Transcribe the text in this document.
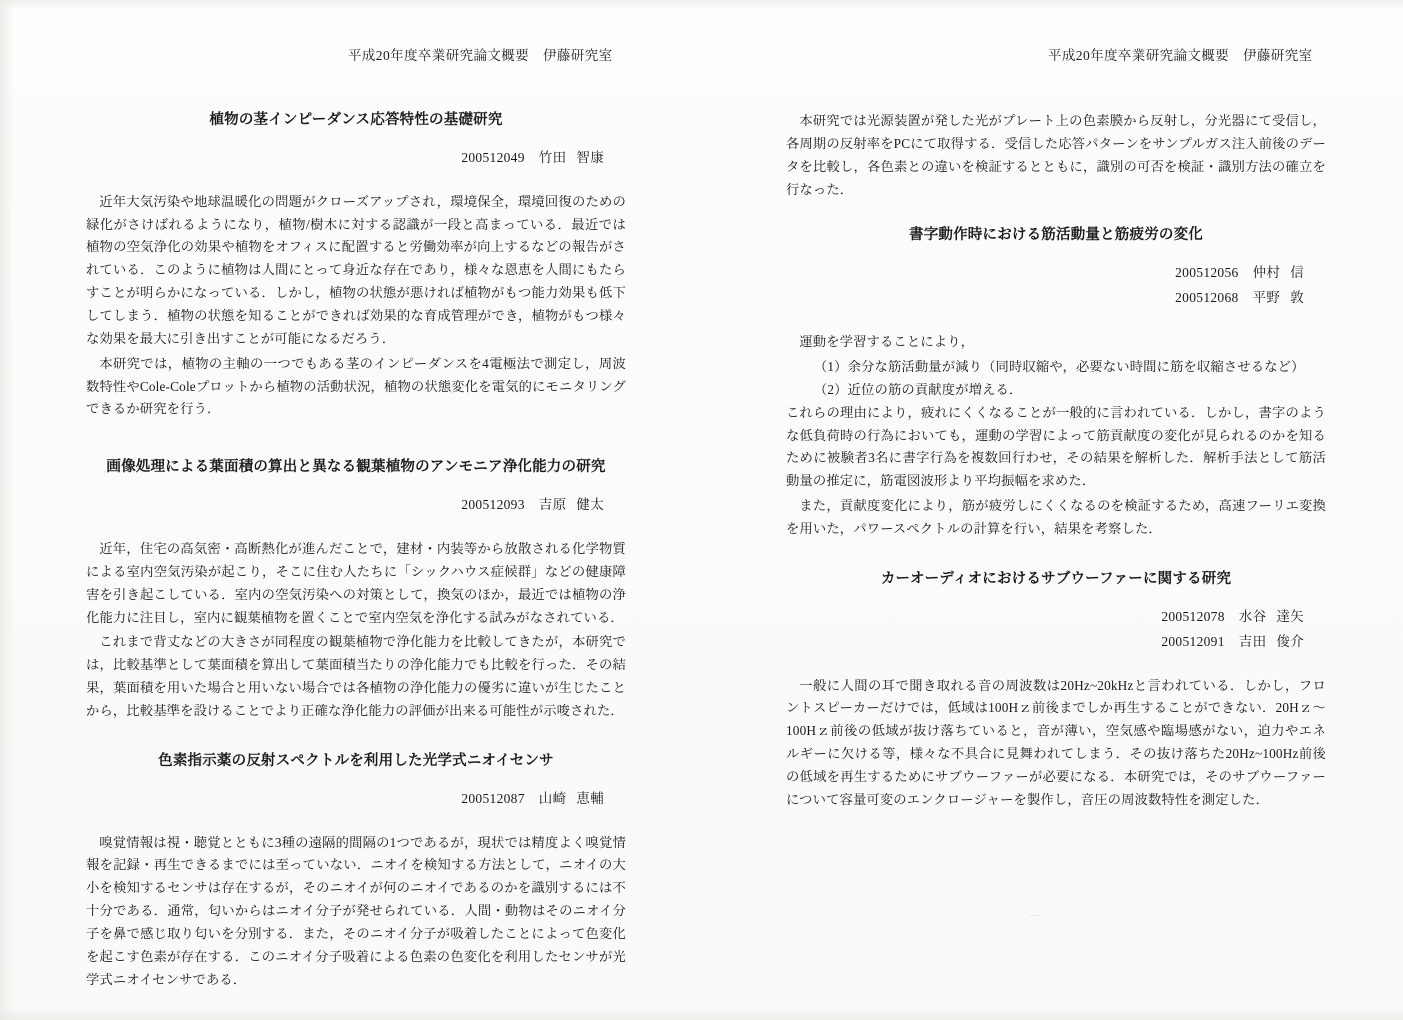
平成20年度卒業研究論文概要　伊藤研究室
植物の茎インピーダンス応答特性の基礎研究
200512049 竹田 智康

近年大気汚染や地球温暖化の問題がクローズアップされ，環境保全，環境回復のための緑化がさけばれるようになり，植物/樹木に対する認識が一段と高まっている．最近では植物の空気浄化の効果や植物をオフィスに配置すると労働効率が向上するなどの報告がされている．このように植物は人間にとって身近な存在であり，様々な恩恵を人間にもたらすことが明らかになっている．しかし，植物の状態が悪ければ植物がもつ能力効果も低下してしまう．植物の状態を知ることができれば効果的な育成管理ができ，植物がもつ様々な効果を最大に引き出すことが可能になるだろう．

本研究では，植物の主軸の一つでもある茎のインピーダンスを4電極法で測定し，周波数特性やCole-Coleプロットから植物の活動状況，植物の状態変化を電気的にモニタリングできるか研究を行う．

画像処理による葉面積の算出と異なる観葉植物のアンモニア浄化能力の研究
200512093 吉原 健太

近年，住宅の高気密・高断熱化が進んだことで，建材・内装等から放散される化学物質による室内空気汚染が起こり，そこに住む人たちに「シックハウス症候群」などの健康障害を引き起こしている．室内の空気汚染への対策として，換気のほか，最近では植物の浄化能力に注目し，室内に観葉植物を置くことで室内空気を浄化する試みがなされている．

これまで背丈などの大きさが同程度の観葉植物で浄化能力を比較してきたが，本研究では，比較基準として葉面積を算出して葉面積当たりの浄化能力でも比較を行った．その結果，葉面積を用いた場合と用いない場合では各植物の浄化能力の優劣に違いが生じたことから，比較基準を設けることでより正確な浄化能力の評価が出来る可能性が示唆された．

色素指示薬の反射スペクトルを利用した光学式ニオイセンサ
200512087 山崎 恵輔

嗅覚情報は視・聴覚とともに3種の遠隔的間隔の1つであるが，現状では精度よく嗅覚情報を記録・再生できるまでには至っていない．ニオイを検知する方法として，ニオイの大小を検知するセンサは存在するが，そのニオイが何のニオイであるのかを識別するには不十分である．通常，匂いからはニオイ分子が発せられている．人間・動物はそのニオイ分子を鼻で感じ取り匂いを分別する．また，そのニオイ分子が吸着したことによって色変化を起こす色素が存在する．このニオイ分子吸着による色素の色変化を利用したセンサが光学式ニオイセンサである．

平成20年度卒業研究論文概要　伊藤研究室

本研究では光源装置が発した光がプレート上の色素膜から反射し，分光器にて受信し，各周期の反射率をPCにて取得する．受信した応答パターンをサンプルガス注入前後のデータを比較し，各色素との違いを検証するとともに，識別の可否を検証・識別方法の確立を行なった．

書字動作時における筋活動量と筋疲労の変化
200512056 仲村 信
200512068 平野 敦

運動を学習することにより，

（1）余分な筋活動量が減り（同時収縮や，必要ない時間に筋を収縮させるなど）

（2）近位の筋の貢献度が増える．

これらの理由により，疲れにくくなることが一般的に言われている．しかし，書字のような低負荷時の行為においても，運動の学習によって筋貢献度の変化が見られるのかを知るために被験者3名に書字行為を複数回行わせ，その結果を解析した．解析手法として筋活動量の推定に，筋電図波形より平均振幅を求めた．

また，貢献度変化により，筋が疲労しにくくなるのを検証するため，高速フーリエ変換を用いた，パワースペクトルの計算を行い，結果を考察した．

カーオーディオにおけるサブウーファーに関する研究
200512078 水谷 達矢
200512091 吉田 俊介

一般に人間の耳で聞き取れる音の周波数は20Hz~20kHzと言われている．しかし，フロントスピーカーだけでは，低域は100Hｚ前後までしか再生することができない．20Hｚ～100Hｚ前後の低域が抜け落ちていると，音が薄い，空気感や臨場感がない，迫力やエネルギーに欠ける等，様々な不具合に見舞われてしまう．その抜け落ちた20Hz~100Hz前後の低域を再生するためにサブウーファーが必要になる．本研究では，そのサブウーファーについて容量可変のエンクロージャーを製作し，音圧の周波数特性を測定した．
